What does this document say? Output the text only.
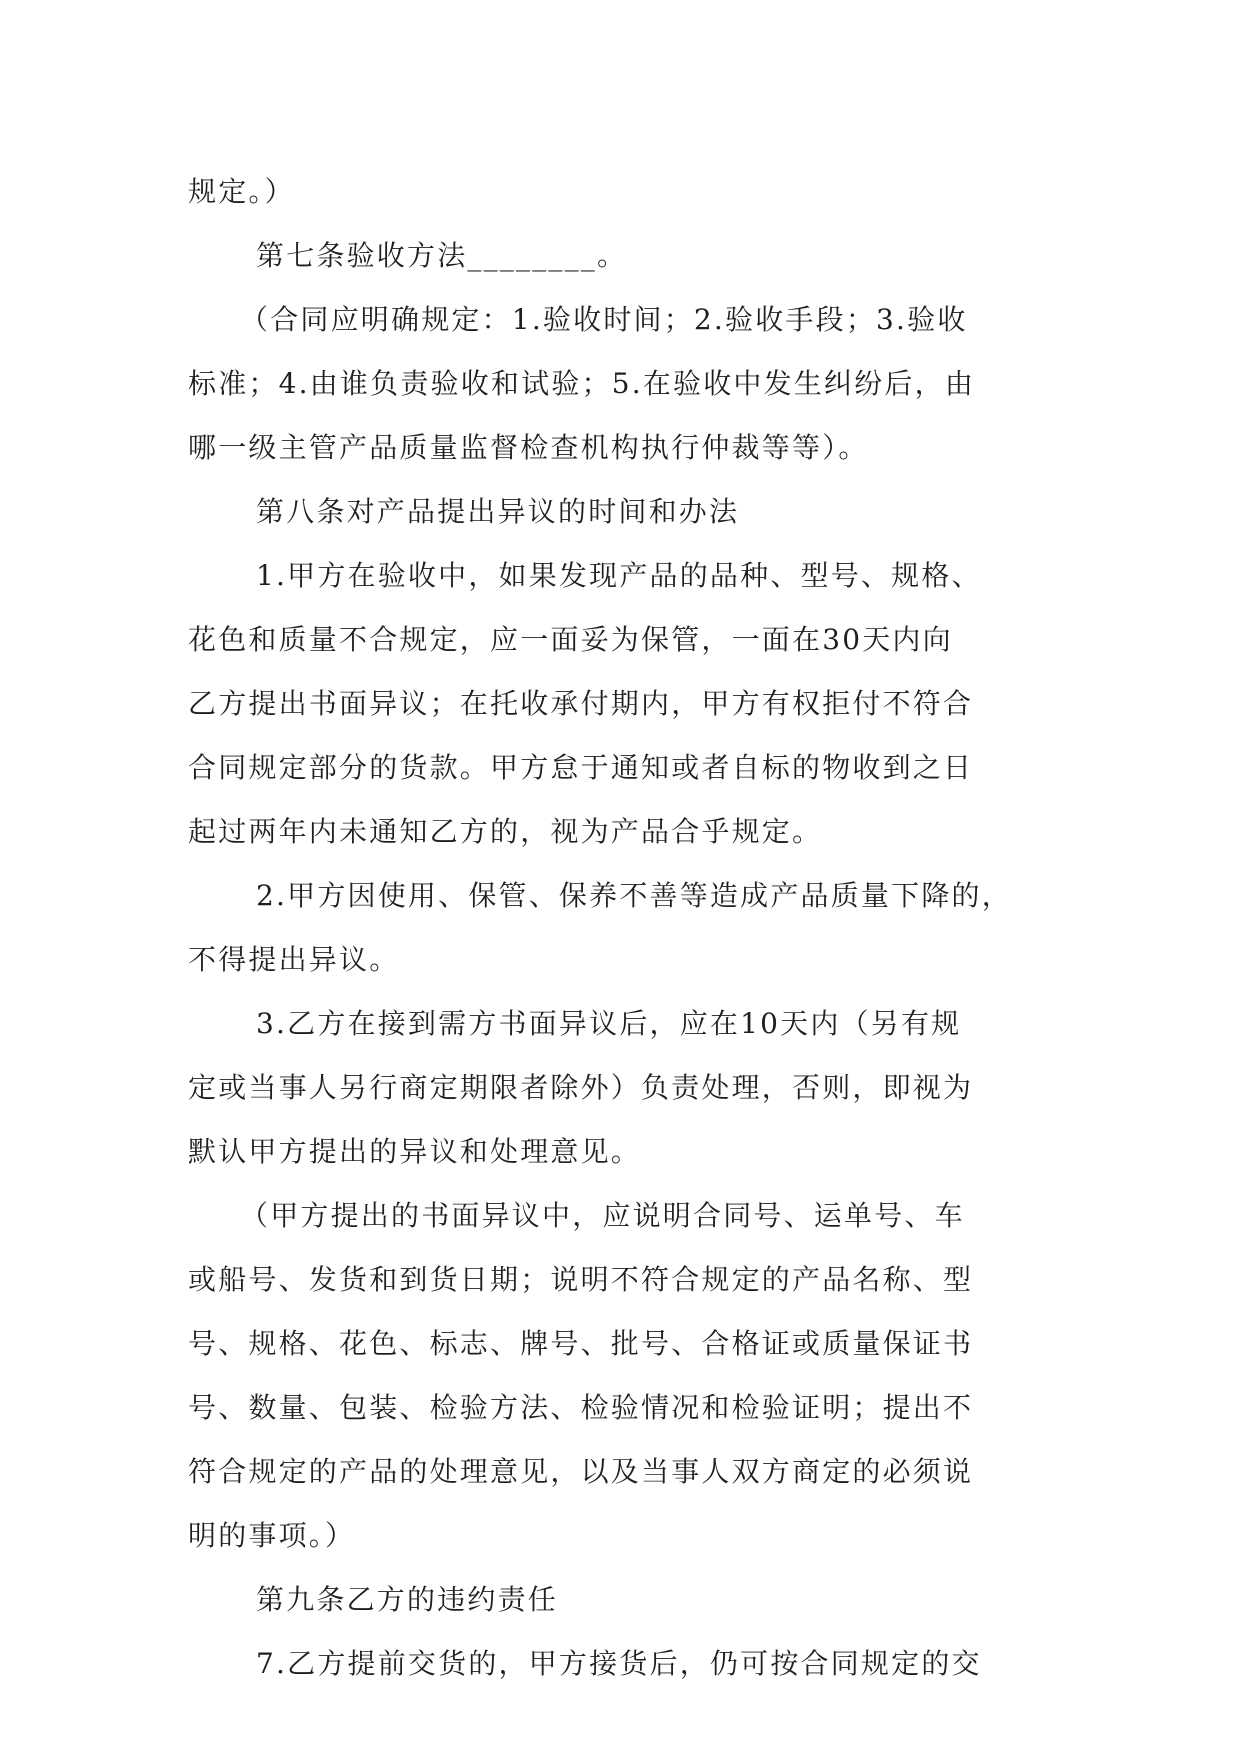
规定。）
第七条验收方法________。
（合同应明确规定：1.验收时间；2.验收手段；3.验收
标准；4.由谁负责验收和试验；5.在验收中发生纠纷后，由
哪一级主管产品质量监督检查机构执行仲裁等等）。
第八条对产品提出异议的时间和办法
1.甲方在验收中，如果发现产品的品种、型号、规格、
花色和质量不合规定，应一面妥为保管，一面在30天内向
乙方提出书面异议；在托收承付期内，甲方有权拒付不符合
合同规定部分的货款。甲方怠于通知或者自标的物收到之日
起过两年内未通知乙方的，视为产品合乎规定。
2.甲方因使用、保管、保养不善等造成产品质量下降的，
不得提出异议。
3.乙方在接到需方书面异议后，应在10天内（另有规
定或当事人另行商定期限者除外）负责处理，否则，即视为
默认甲方提出的异议和处理意见。
（甲方提出的书面异议中，应说明合同号、运单号、车
或船号、发货和到货日期；说明不符合规定的产品名称、型
号、规格、花色、标志、牌号、批号、合格证或质量保证书
号、数量、包装、检验方法、检验情况和检验证明；提出不
符合规定的产品的处理意见，以及当事人双方商定的必须说
明的事项。）
第九条乙方的违约责任
7.乙方提前交货的，甲方接货后，仍可按合同规定的交
